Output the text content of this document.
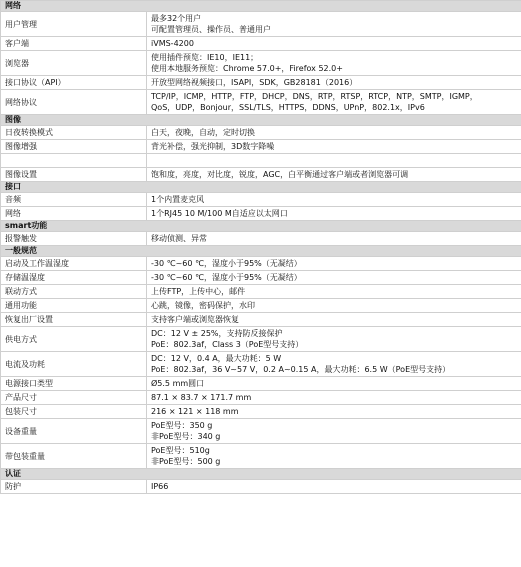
网络	
用户管理	最多32个用户
可配置管理员、操作员、普通用户

客户端	iVMS-4200

浏览器	使用插件预览：IE10，IE11；
使用本地服务预览：Chrome 57.0+，Firefox 52.0+

接口协议（API）	开放型网络视频接口，ISAPI，SDK，GB28181（2016）

网络协议	TCP/IP，ICMP，HTTP，FTP，DHCP，DNS，RTP，RTSP，RTCP，NTP，SMTP，IGMP，
QoS，UDP，Bonjour，SSL/TLS，HTTPS，DDNS，UPnP，802.1x，IPv6

图像	
日夜转换模式	白天，夜晚，自动，定时切换

图像增强	背光补偿，强光抑制，3D数字降噪

图像设置	饱和度，亮度，对比度，锐度，AGC，白平衡通过客户端或者浏览器可调

接口	
音频	1个内置麦克风

网络	1个RJ45 10 M/100 M自适应以太网口

smart功能	
报警触发	移动侦测、异常

一般规范	
启动及工作温湿度	-30 ℃~60 ℃，湿度小于95%（无凝结）

存储温湿度	-30 ℃~60 ℃，湿度小于95%（无凝结）

联动方式	上传FTP，上传中心，邮件

通用功能	心跳，镜像，密码保护，水印

恢复出厂设置	支持客户端或浏览器恢复

供电方式	DC：12 V ± 25%，支持防反接保护
PoE：802.3af，Class 3（PoE型号支持）

电流及功耗	DC：12 V，0.4 A，最大功耗：5 W
PoE：802.3af，36 V~57 V，0.2 A~0.15 A，最大功耗：6.5 W（PoE型号支持）

电源接口类型	Ø5.5 mm圆口

产品尺寸	87.1 × 83.7 × 171.7 mm

包装尺寸	216 × 121 × 118 mm

设备重量	PoE型号：350 g
非PoE型号：340 g

带包装重量	PoE型号：510g
非PoE型号：500 g

认证	
防护	IP66
